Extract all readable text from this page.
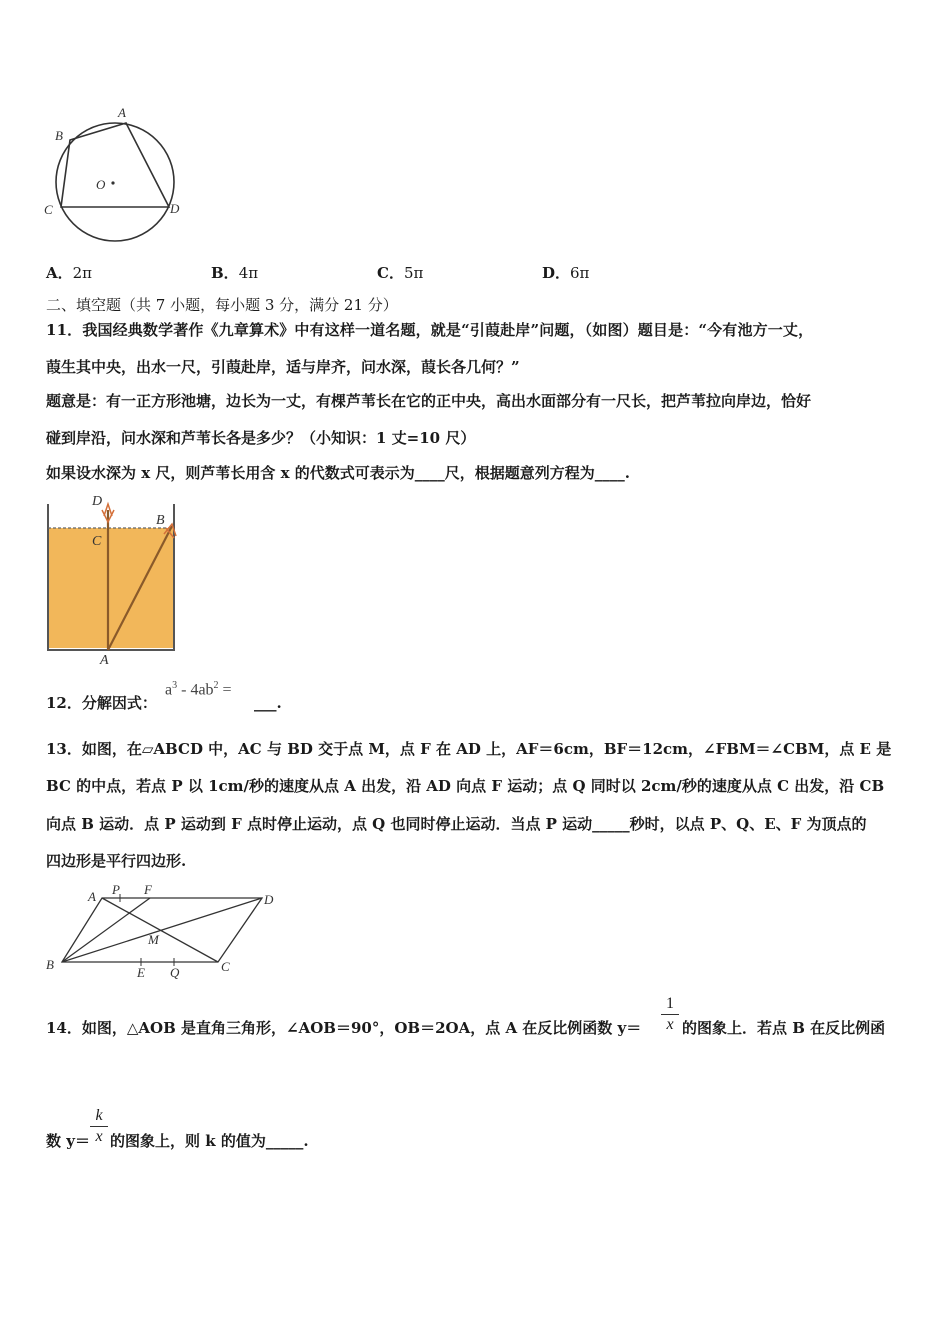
A
B
C	D
O
A．2π	B．4π	C．5π	D．6π
二、填空题（共 7 小题，每小题 3 分，满分 21 分）
11．我国经典数学著作《九章算术》中有这样一道名题，就是“引葭赴岸”问题，（如图）题目是：“今有池方一丈，
葭生其中央，出水一尺，引葭赴岸，适与岸齐，问水深，葭长各几何？”
题意是：有一正方形池塘，边长为一丈，有棵芦苇长在它的正中央，高出水面部分有一尺长，把芦苇拉向岸边，恰好
碰到岸沿，问水深和芦苇长各是多少？（小知识：1 丈=10 尺）
如果设水深为 x 尺，则芦苇长用含 x 的代数式可表示为____尺，根据题意列方程为____.
D
B
C
A
12．分解因式：
$a^3 - 4ab^2$ =
___.
13．如图，在▱ABCD 中，AC 与 BD 交于点 M，点 F 在 AD 上，AF＝6cm，BF＝12cm，∠FBM＝∠CBM，点 E 是
BC 的中点，若点 P 以 1cm/秒的速度从点 A 出发，沿 AD 向点 F 运动；点 Q 同时以 2cm/秒的速度从点 C 出发，沿 CB
向点 B 运动．点 P 运动到 F 点时停止运动，点 Q 也同时停止运动．当点 P 运动_____秒时，以点 P、Q、E、F 为顶点的
四边形是平行四边形.
A P F
D
M
B
E Q	C
14．如图，△AOB 是直角三角形，∠AOB＝90°，OB＝2OA，点 A 在反比例函数 $y= \frac{1}{x}$ 的图象上．若点 B 在反比例函
数 $y= \frac{k}{x}$ 的图象上，则 k 的值为_____.
